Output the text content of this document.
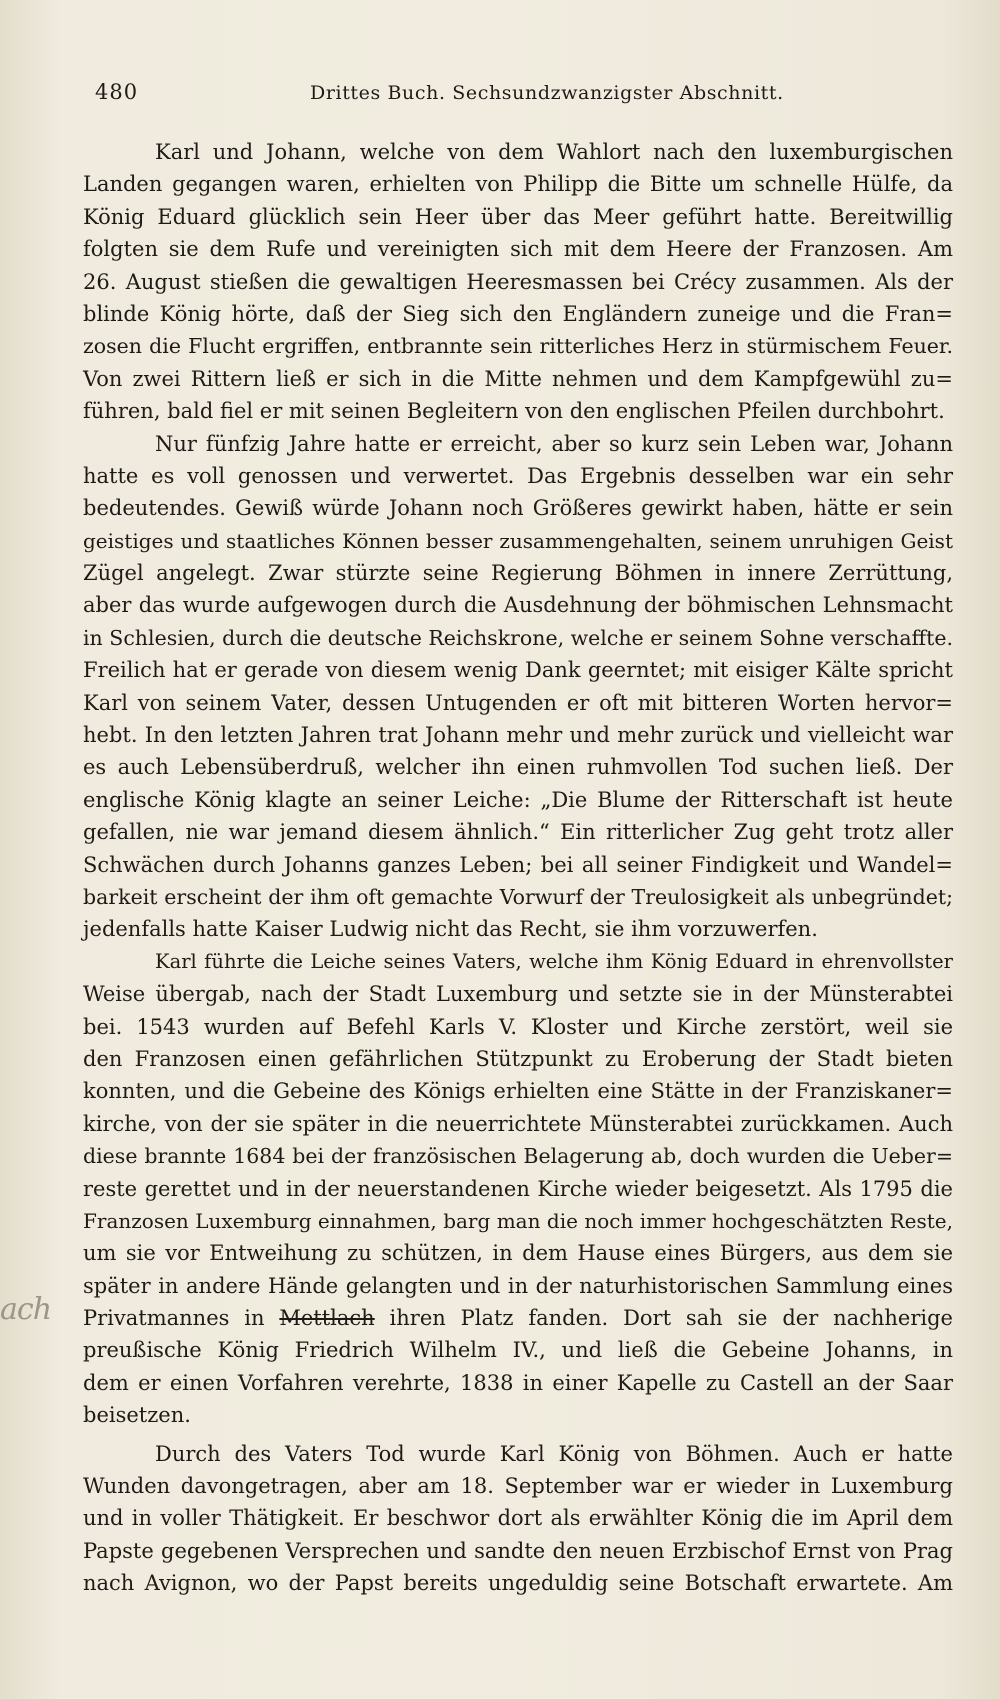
480	Drittes Buch. Sechsundzwanzigster Abschnitt.
ach
Karl und Johann, welche von dem Wahlort nach den luxemburgischen
Landen gegangen waren, erhielten von Philipp die Bitte um schnelle Hülfe, da
König Eduard glücklich sein Heer über das Meer geführt hatte. Bereitwillig
folgten sie dem Rufe und vereinigten sich mit dem Heere der Franzosen. Am
26. August stießen die gewaltigen Heeresmassen bei Crécy zusammen. Als der
blinde König hörte, daß der Sieg sich den Engländern zuneige und die Fran=
zosen die Flucht ergriffen, entbrannte sein ritterliches Herz in stürmischem Feuer.
Von zwei Rittern ließ er sich in die Mitte nehmen und dem Kampfgewühl zu=
führen, bald fiel er mit seinen Begleitern von den englischen Pfeilen durchbohrt.
Nur fünfzig Jahre hatte er erreicht, aber so kurz sein Leben war, Johann
hatte es voll genossen und verwertet. Das Ergebnis desselben war ein sehr
bedeutendes. Gewiß würde Johann noch Größeres gewirkt haben, hätte er sein
geistiges und staatliches Können besser zusammengehalten, seinem unruhigen Geist
Zügel angelegt. Zwar stürzte seine Regierung Böhmen in innere Zerrüttung,
aber das wurde aufgewogen durch die Ausdehnung der böhmischen Lehnsmacht
in Schlesien, durch die deutsche Reichskrone, welche er seinem Sohne verschaffte.
Freilich hat er gerade von diesem wenig Dank geerntet; mit eisiger Kälte spricht
Karl von seinem Vater, dessen Untugenden er oft mit bitteren Worten hervor=
hebt. In den letzten Jahren trat Johann mehr und mehr zurück und vielleicht war
es auch Lebensüberdruß, welcher ihn einen ruhmvollen Tod suchen ließ. Der
englische König klagte an seiner Leiche: „Die Blume der Ritterschaft ist heute
gefallen, nie war jemand diesem ähnlich.“ Ein ritterlicher Zug geht trotz aller
Schwächen durch Johanns ganzes Leben; bei all seiner Findigkeit und Wandel=
barkeit erscheint der ihm oft gemachte Vorwurf der Treulosigkeit als unbegründet;
jedenfalls hatte Kaiser Ludwig nicht das Recht, sie ihm vorzuwerfen.
Karl führte die Leiche seines Vaters, welche ihm König Eduard in ehrenvollster
Weise übergab, nach der Stadt Luxemburg und setzte sie in der Münsterabtei
bei. 1543 wurden auf Befehl Karls V. Kloster und Kirche zerstört, weil sie
den Franzosen einen gefährlichen Stützpunkt zu Eroberung der Stadt bieten
konnten, und die Gebeine des Königs erhielten eine Stätte in der Franziskaner=
kirche, von der sie später in die neuerrichtete Münsterabtei zurückkamen. Auch
diese brannte 1684 bei der französischen Belagerung ab, doch wurden die Ueber=
reste gerettet und in der neuerstandenen Kirche wieder beigesetzt. Als 1795 die
Franzosen Luxemburg einnahmen, barg man die noch immer hochgeschätzten Reste,
um sie vor Entweihung zu schützen, in dem Hause eines Bürgers, aus dem sie
später in andere Hände gelangten und in der naturhistorischen Sammlung eines
Privatmannes in Mettlach ihren Platz fanden. Dort sah sie der nachherige
preußische König Friedrich Wilhelm IV., und ließ die Gebeine Johanns, in
dem er einen Vorfahren verehrte, 1838 in einer Kapelle zu Castell an der Saar
beisetzen.
Durch des Vaters Tod wurde Karl König von Böhmen. Auch er hatte
Wunden davongetragen, aber am 18. September war er wieder in Luxemburg
und in voller Thätigkeit. Er beschwor dort als erwählter König die im April dem
Papste gegebenen Versprechen und sandte den neuen Erzbischof Ernst von Prag
nach Avignon, wo der Papst bereits ungeduldig seine Botschaft erwartete. Am
